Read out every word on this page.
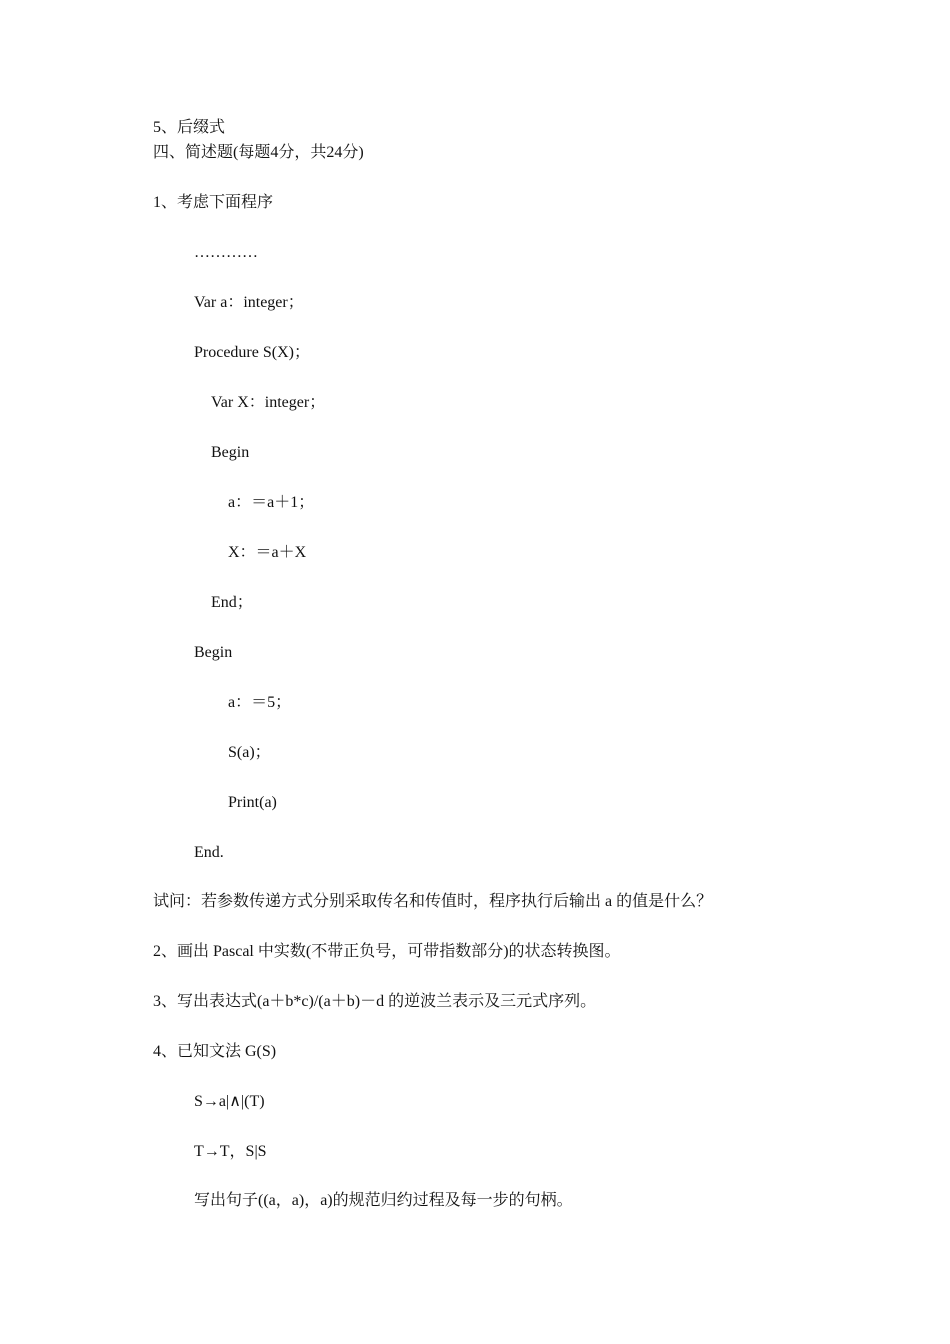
5、后缀式
四、简述题(每题4分，共24分)
1、考虑下面程序
…………
Var a：integer；
Procedure S(X)；
Var X：integer；
Begin
a：＝a＋1；
X：＝a＋X
End；
Begin
a：＝5；
S(a)；
Print(a)
End.
试问：若参数传递方式分别采取传名和传值时，程序执行后输出 a 的值是什么？
2、画出 Pascal 中实数(不带正负号，可带指数部分)的状态转换图。
3、写出表达式(a＋b*c)/(a＋b)－d 的逆波兰表示及三元式序列。
4、已知文法 G(S)
S→a|∧|(T)
T→T，S|S
写出句子((a，a)，a)的规范归约过程及每一步的句柄。
